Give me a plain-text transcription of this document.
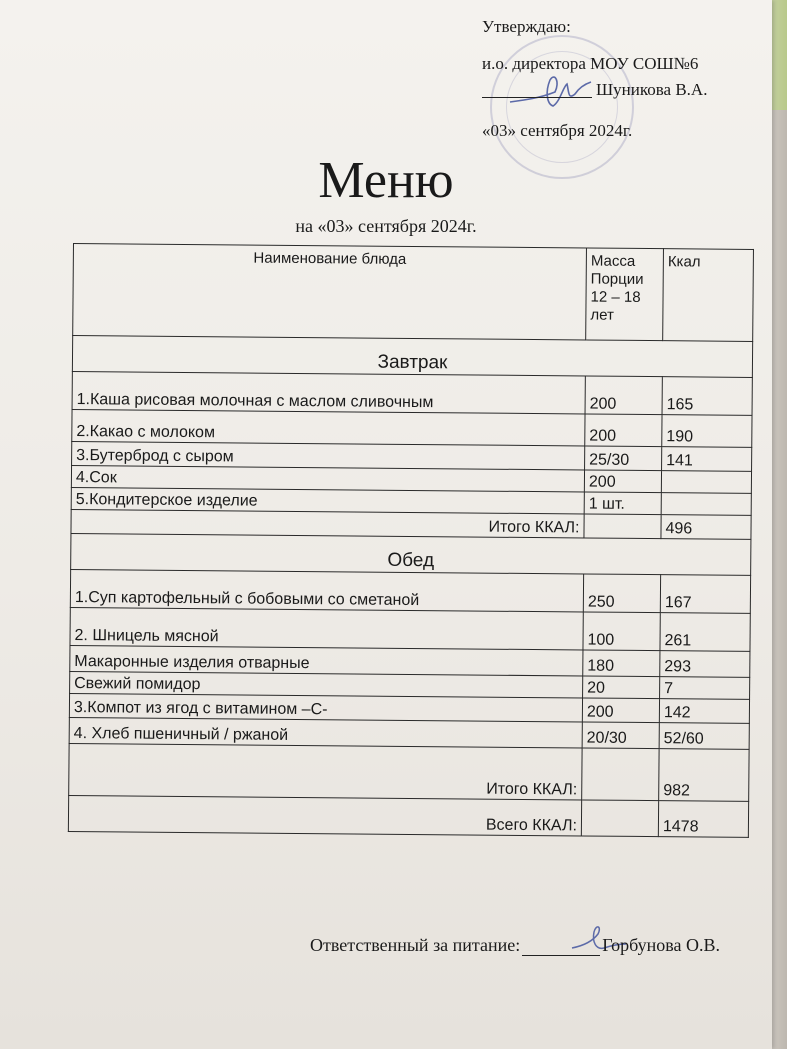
Утверждаю:
и.о. директора МОУ СОШ№6
Шуникова В.А.
«03» сентября 2024г.
Меню
на «03» сентября 2024г.
Наименование блюда	Масса Порции 12 – 18 лет	Ккал
Завтрак		
1.Каша рисовая молочная с маслом сливочным	200	165
2.Какао с молоком	200	190
3.Бутерброд с сыром	25/30	141
4.Сок	200	
5.Кондитерское изделие	1 шт.	
Итого ККАЛ:		496
Обед		
1.Суп картофельный с бобовыми со сметаной	250	167
2. Шницель мясной	100	261
Макаронные изделия отварные	180	293
Свежий помидор	20	7
3.Компот из ягод с витамином –С-	200	142
4. Хлеб пшеничный / ржаной	20/30	52/60
Итого ККАЛ:		982
Всего ККАЛ:		1478
Ответственный за питание:	Горбунова О.В.
